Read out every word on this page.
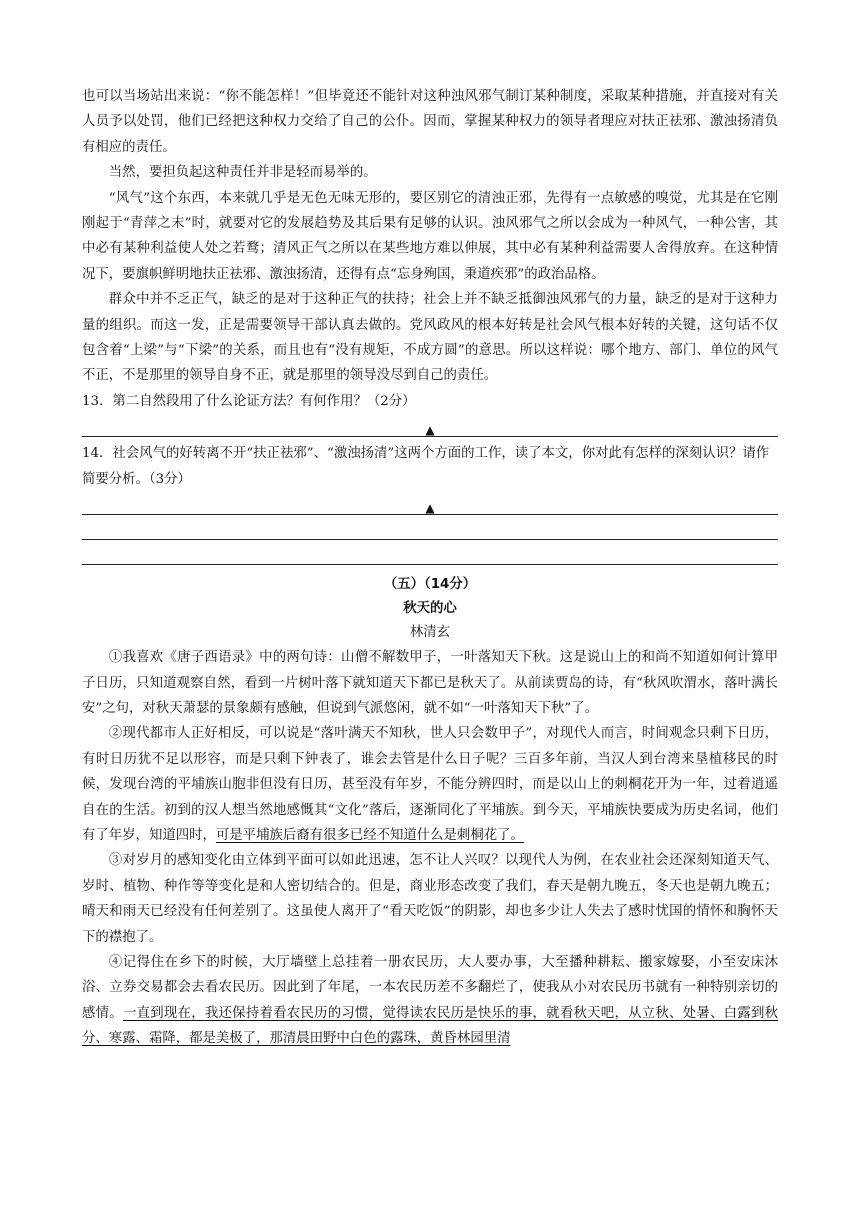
也可以当场站出来说：“你不能怎样！”但毕竟还不能针对这种浊风邪气制订某种制度，采取某种措施，并直接对有关人员予以处罚，他们已经把这种权力交给了自己的公仆。因而，掌握某种权力的领导者理应对扶正祛邪、激浊扬清负有相应的责任。

当然，要担负起这种责任并非是轻而易举的。

“风气”这个东西，本来就几乎是无色无味无形的，要区别它的清浊正邪，先得有一点敏感的嗅觉，尤其是在它刚刚起于“青萍之末”时，就要对它的发展趋势及其后果有足够的认识。浊风邪气之所以会成为一种风气，一种公害，其中必有某种利益使人处之若鹜；清风正气之所以在某些地方难以伸展，其中必有某种利益需要人舍得放弃。在这种情况下，要旗帜鲜明地扶正祛邪、激浊扬清，还得有点“忘身殉国，秉道疾邪”的政治品格。

群众中并不乏正气，缺乏的是对于这种正气的扶持；社会上并不缺乏抵御浊风邪气的力量，缺乏的是对于这种力量的组织。而这一发，正是需要领导干部认真去做的。党风政风的根本好转是社会风气根本好转的关键，这句话不仅包含着“上梁”与“下梁”的关系，而且也有“没有规矩，不成方圆”的意思。所以这样说：哪个地方、部门、单位的风气不正，不是那里的领导自身不正，就是那里的领导没尽到自己的责任。

13．第二自然段用了什么论证方法？有何作用？（2分）

▲

14．社会风气的好转离不开“扶正祛邪”、“激浊扬清”这两个方面的工作，读了本文，你对此有怎样的深刻认识？请作简要分析。（3分）

▲
（五）（14分）
秋天的心
林清玄

①我喜欢《唐子西语录》中的两句诗：山僧不解数甲子，一叶落知天下秋。这是说山上的和尚不知道如何计算甲子日历，只知道观察自然，看到一片树叶落下就知道天下都已是秋天了。从前读贾岛的诗，有“秋风吹渭水，落叶满长安”之句，对秋天萧瑟的景象颇有感触，但说到气派悠闲，就不如“一叶落知天下秋”了。

②现代都市人正好相反，可以说是“落叶满天不知秋，世人只会数甲子”，对现代人而言，时间观念只剩下日历，有时日历犹不足以形容，而是只剩下钟表了，谁会去管是什么日子呢？三百多年前，当汉人到台湾来垦植移民的时候，发现台湾的平埔族山胞非但没有日历，甚至没有年岁，不能分辨四时，而是以山上的刺桐花开为一年，过着逍遥自在的生活。初到的汉人想当然地感慨其“文化”落后，逐渐同化了平埔族。到今天，平埔族快要成为历史名词，他们有了年岁，知道四时，可是平埔族后裔有很多已经不知道什么是刺桐花了。

③对岁月的感知变化由立体到平面可以如此迅速，怎不让人兴叹？以现代人为例，在农业社会还深刻知道天气、岁时、植物、种作等等变化是和人密切结合的。但是，商业形态改变了我们，春天是朝九晚五，冬天也是朝九晚五；晴天和雨天已经没有任何差别了。这虽使人离开了“看天吃饭”的阴影，却也多少让人失去了感时忧国的情怀和胸怀天下的襟抱了。

④记得住在乡下的时候，大厅墙壁上总挂着一册农民历，大人要办事，大至播种耕耘、搬家嫁娶，小至安床沐浴、立券交易都会去看农民历。因此到了年尾，一本农民历差不多翻烂了，使我从小对农民历书就有一种特别亲切的感情。一直到现在，我还保持着看农民历的习惯，觉得读农民历是快乐的事，就看秋天吧，从立秋、处暑、白露到秋分、寒露、霜降，都是美极了，那清晨田野中白色的露珠，黄昏林园里清
